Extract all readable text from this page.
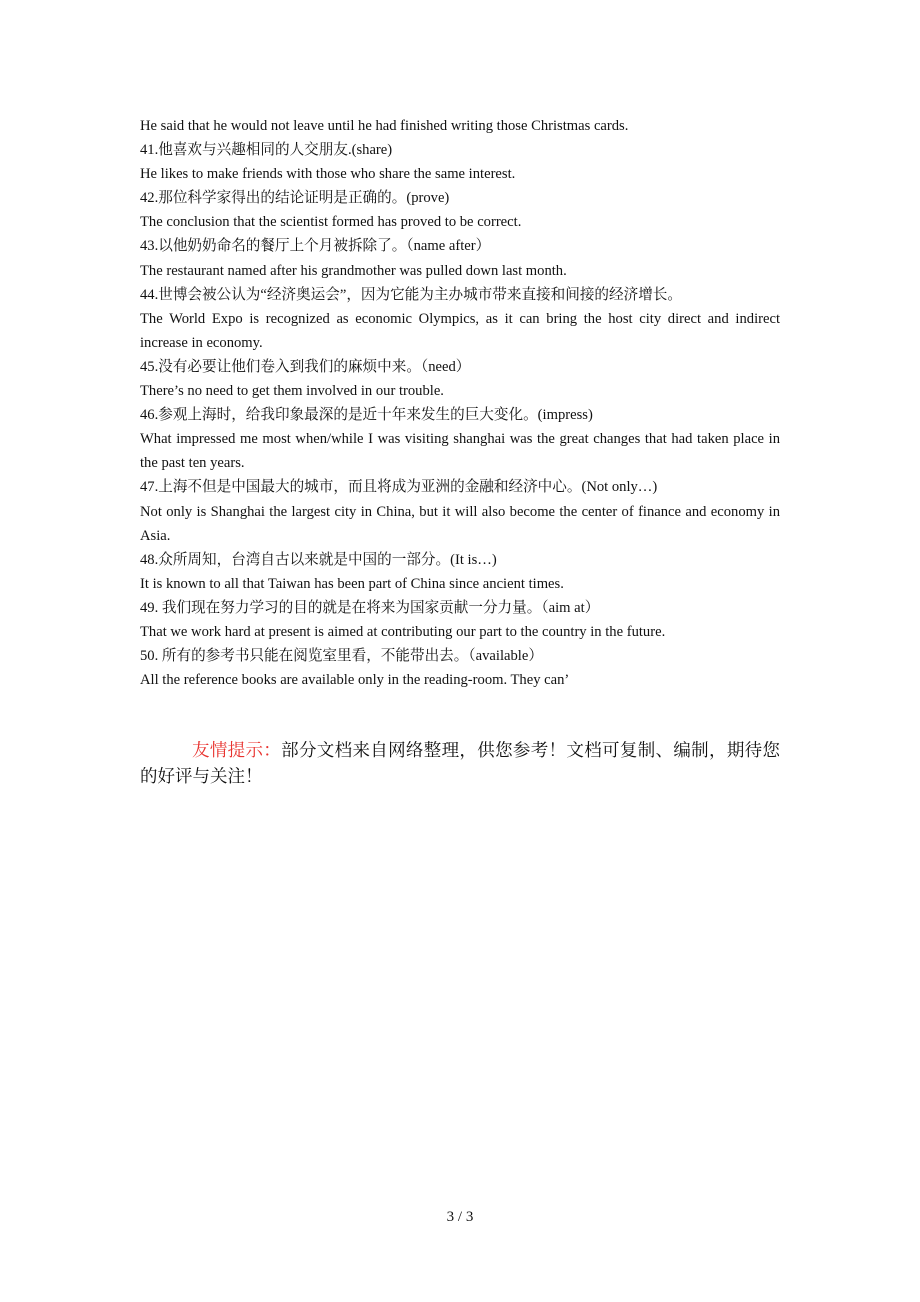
He said that he would not leave until he had finished writing those Christmas cards.
41.他喜欢与兴趣相同的人交朋友.(share)
He likes to make friends with those who share the same interest.
42.那位科学家得出的结论证明是正确的。(prove)
The conclusion that the scientist formed has proved to be correct.
43.以他奶奶命名的餐厅上个月被拆除了。（name after）
The restaurant named after his grandmother was pulled down last month.
44.世博会被公认为“经济奥运会”，因为它能为主办城市带来直接和间接的经济增长。
The World Expo is recognized as economic Olympics, as it can bring the host city direct and indirect increase in economy.
45.没有必要让他们卷入到我们的麻烦中来。（need）
There’s no need to get them involved in our trouble.
46.参观上海时，给我印象最深的是近十年来发生的巨大变化。(impress)
What impressed me most when/while I was visiting shanghai was the great changes that had taken place in the past ten years.
47.上海不但是中国最大的城市，而且将成为亚洲的金融和经济中心。(Not only…)
Not only is Shanghai the largest city in China, but it will also become the center of finance and economy in Asia.
48.众所周知，台湾自古以来就是中国的一部分。(It is…)
It is known to all that Taiwan has been part of China since ancient times.
49. 我们现在努力学习的目的就是在将来为国家贡献一分力量。（aim at）
That we work hard at present is aimed at contributing our part to the country in the future.
50. 所有的参考书只能在阅览室里看，不能带出去。（available）
All the reference books are available only in the reading-room. They can’
友情提示：部分文档来自网络整理，供您参考！文档可复制、编制，期待您的好评与关注！
3 / 3
